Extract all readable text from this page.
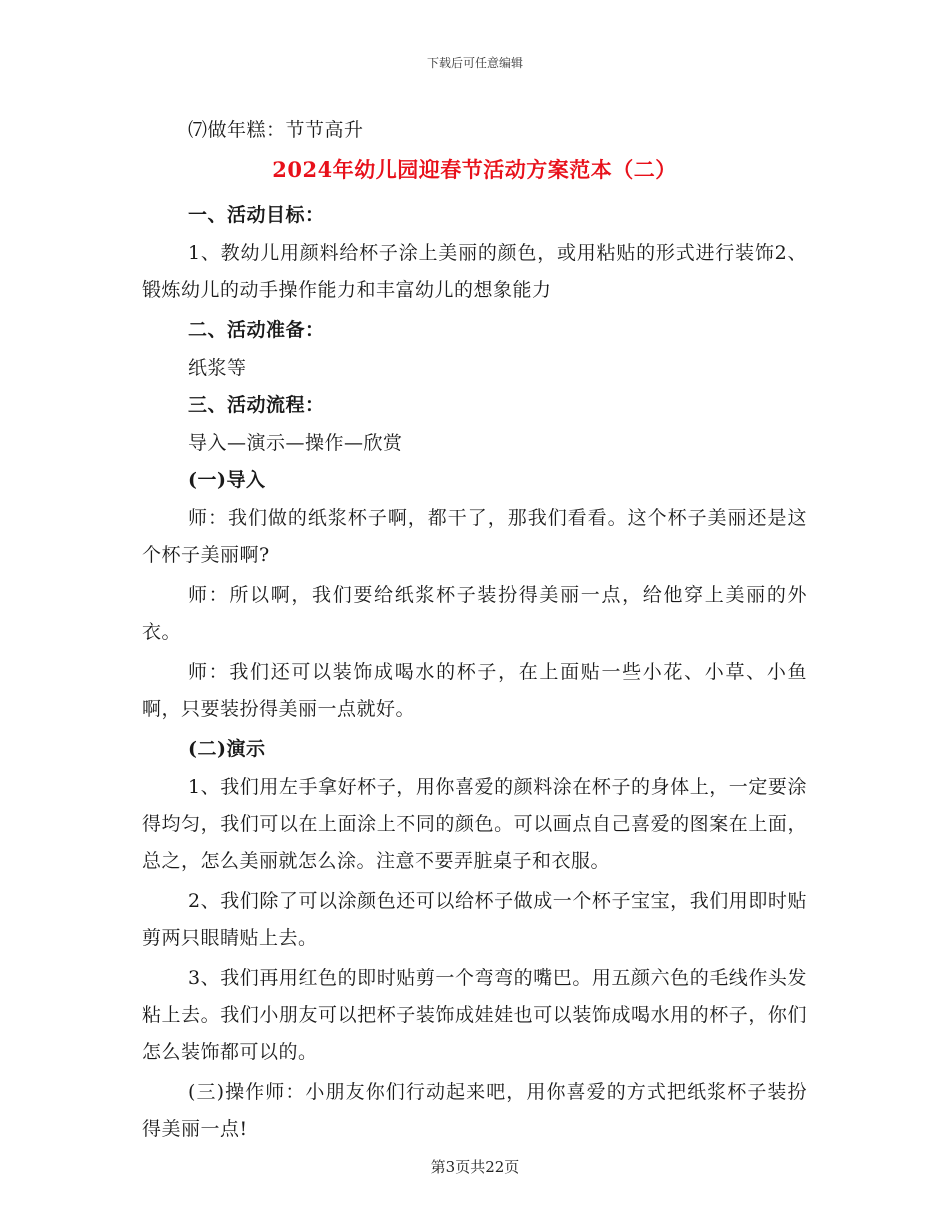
下载后可任意编辑

⑺做年糕：节节高升

2024年幼儿园迎春节活动方案范本（二）

一、活动目标：

1、教幼儿用颜料给杯子涂上美丽的颜色，或用粘贴的形式进行装饰2、锻炼幼儿的动手操作能力和丰富幼儿的想象能力

二、活动准备：

纸浆等

三、活动流程：

导入—演示—操作—欣赏

(一)导入

师：我们做的纸浆杯子啊，都干了，那我们看看。这个杯子美丽还是这个杯子美丽啊?

师：所以啊，我们要给纸浆杯子装扮得美丽一点，给他穿上美丽的外衣。

师：我们还可以装饰成喝水的杯子，在上面贴一些小花、小草、小鱼啊，只要装扮得美丽一点就好。

(二)演示

1、我们用左手拿好杯子，用你喜爱的颜料涂在杯子的身体上，一定要涂得均匀，我们可以在上面涂上不同的颜色。可以画点自己喜爱的图案在上面，总之，怎么美丽就怎么涂。注意不要弄脏桌子和衣服。

2、我们除了可以涂颜色还可以给杯子做成一个杯子宝宝，我们用即时贴剪两只眼睛贴上去。

3、我们再用红色的即时贴剪一个弯弯的嘴巴。用五颜六色的毛线作头发粘上去。我们小朋友可以把杯子装饰成娃娃也可以装饰成喝水用的杯子，你们怎么装饰都可以的。

(三)操作师：小朋友你们行动起来吧，用你喜爱的方式把纸浆杯子装扮得美丽一点!

第3页共22页
